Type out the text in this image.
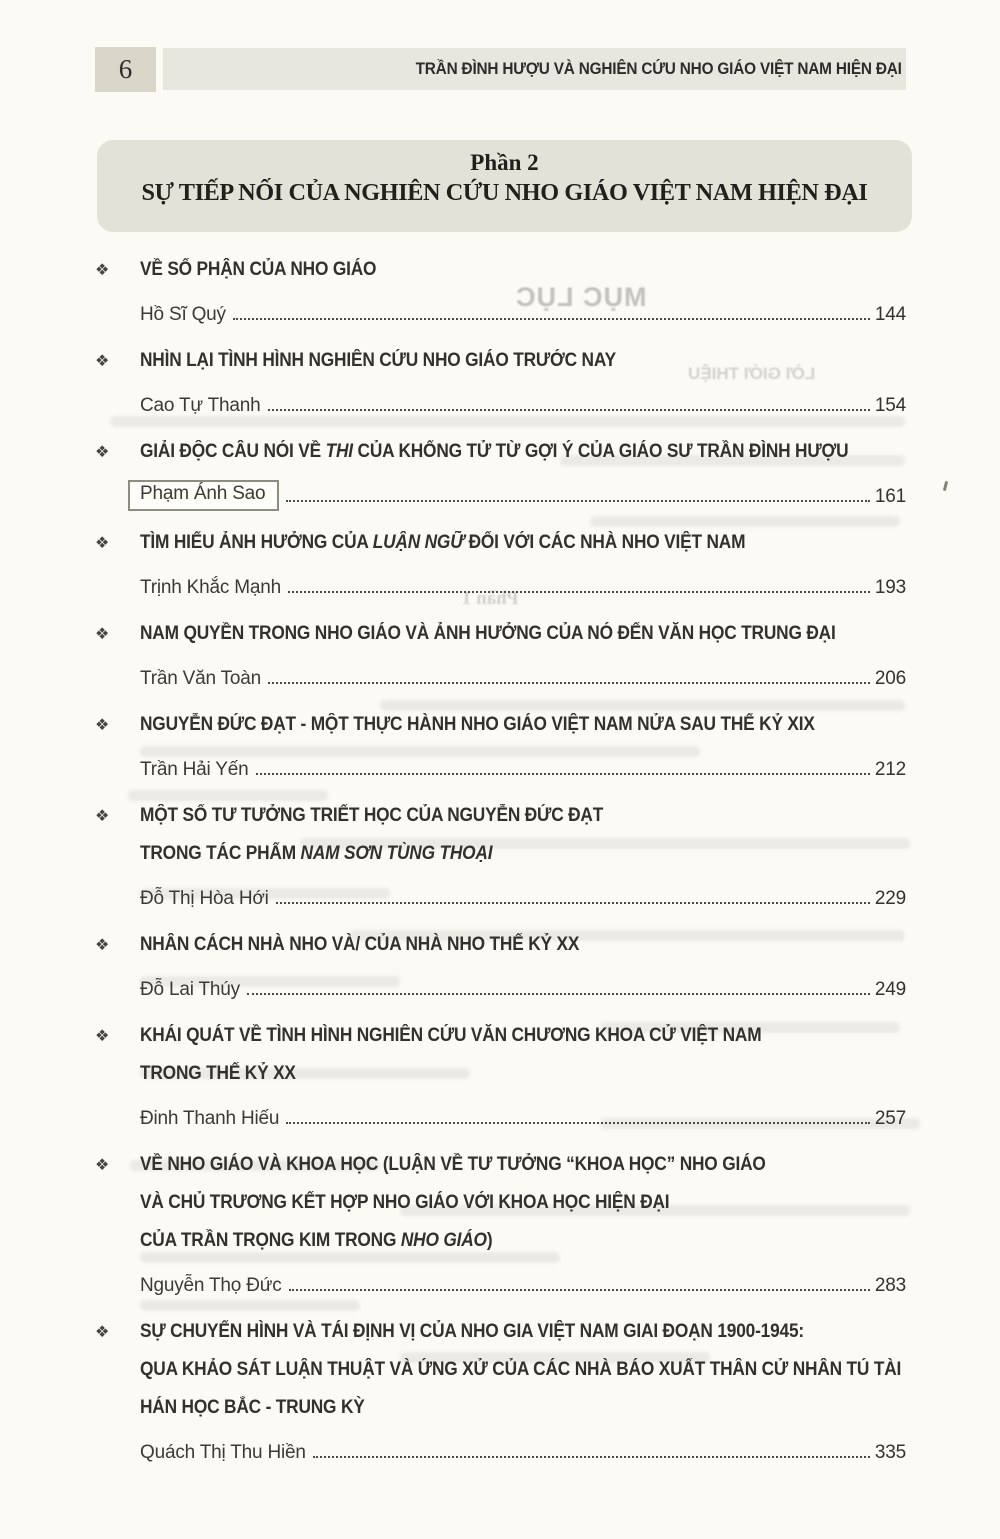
6	TRẦN ĐÌNH HƯỢU VÀ NGHIÊN CỨU NHO GIÁO VIỆT NAM HIỆN ĐẠI
Phần 2
SỰ TIẾP NỐI CỦA NGHIÊN CỨU NHO GIÁO VIỆT NAM HIỆN ĐẠI
MỤC LỤC
LỜI GIỚI THIỆU
Phần 1
❖	VỀ SỐ PHẬN CỦA NHO GIÁO
Hồ Sĩ Quý	144
❖	NHÌN LẠI TÌNH HÌNH NGHIÊN CỨU NHO GIÁO TRƯỚC NAY
Cao Tự Thanh	154
❖	GIẢI ĐỘC CÂU NÓI VỀ THI CỦA KHỔNG TỬ TỪ GỢI Ý CỦA GIÁO SƯ TRẦN ĐÌNH HƯỢU
Phạm Ánh Sao	161
❖	TÌM HIỂU ẢNH HƯỞNG CỦA LUẬN NGỮ ĐỐI VỚI CÁC NHÀ NHO VIỆT NAM
Trịnh Khắc Mạnh	193
❖	NAM QUYỀN TRONG NHO GIÁO VÀ ẢNH HƯỞNG CỦA NÓ ĐẾN VĂN HỌC TRUNG ĐẠI
Trần Văn Toàn	206
❖	NGUYỄN ĐỨC ĐẠT - MỘT THỰC HÀNH NHO GIÁO VIỆT NAM NỬA SAU THẾ KỶ XIX
Trần Hải Yến	212
❖	MỘT SỐ TƯ TƯỞNG TRIẾT HỌC CỦA NGUYỄN ĐỨC ĐẠT
TRONG TÁC PHẨM NAM SƠN TÙNG THOẠI
Đỗ Thị Hòa Hới	229
❖	NHÂN CÁCH NHÀ NHO VÀ/ CỦA NHÀ NHO THẾ KỶ XX
Đỗ Lai Thúy	249
❖	KHÁI QUÁT VỀ TÌNH HÌNH NGHIÊN CỨU VĂN CHƯƠNG KHOA CỬ VIỆT NAM
TRONG THẾ KỶ XX
Đinh Thanh Hiếu	257
❖	VỀ NHO GIÁO VÀ KHOA HỌC (LUẬN VỀ TƯ TƯỞNG “KHOA HỌC” NHO GIÁO
VÀ CHỦ TRƯƠNG KẾT HỢP NHO GIÁO VỚI KHOA HỌC HIỆN ĐẠI
CỦA TRẦN TRỌNG KIM TRONG NHO GIÁO)
Nguyễn Thọ Đức	283
❖	SỰ CHUYỂN HÌNH VÀ TÁI ĐỊNH VỊ CỦA NHO GIA VIỆT NAM GIAI ĐOẠN 1900-1945:
QUA KHẢO SÁT LUẬN THUẬT VÀ ỨNG XỬ CỦA CÁC NHÀ BÁO XUẤT THÂN CỬ NHÂN TÚ TÀI
HÁN HỌC BẮC - TRUNG KỲ
Quách Thị Thu Hiền	335
